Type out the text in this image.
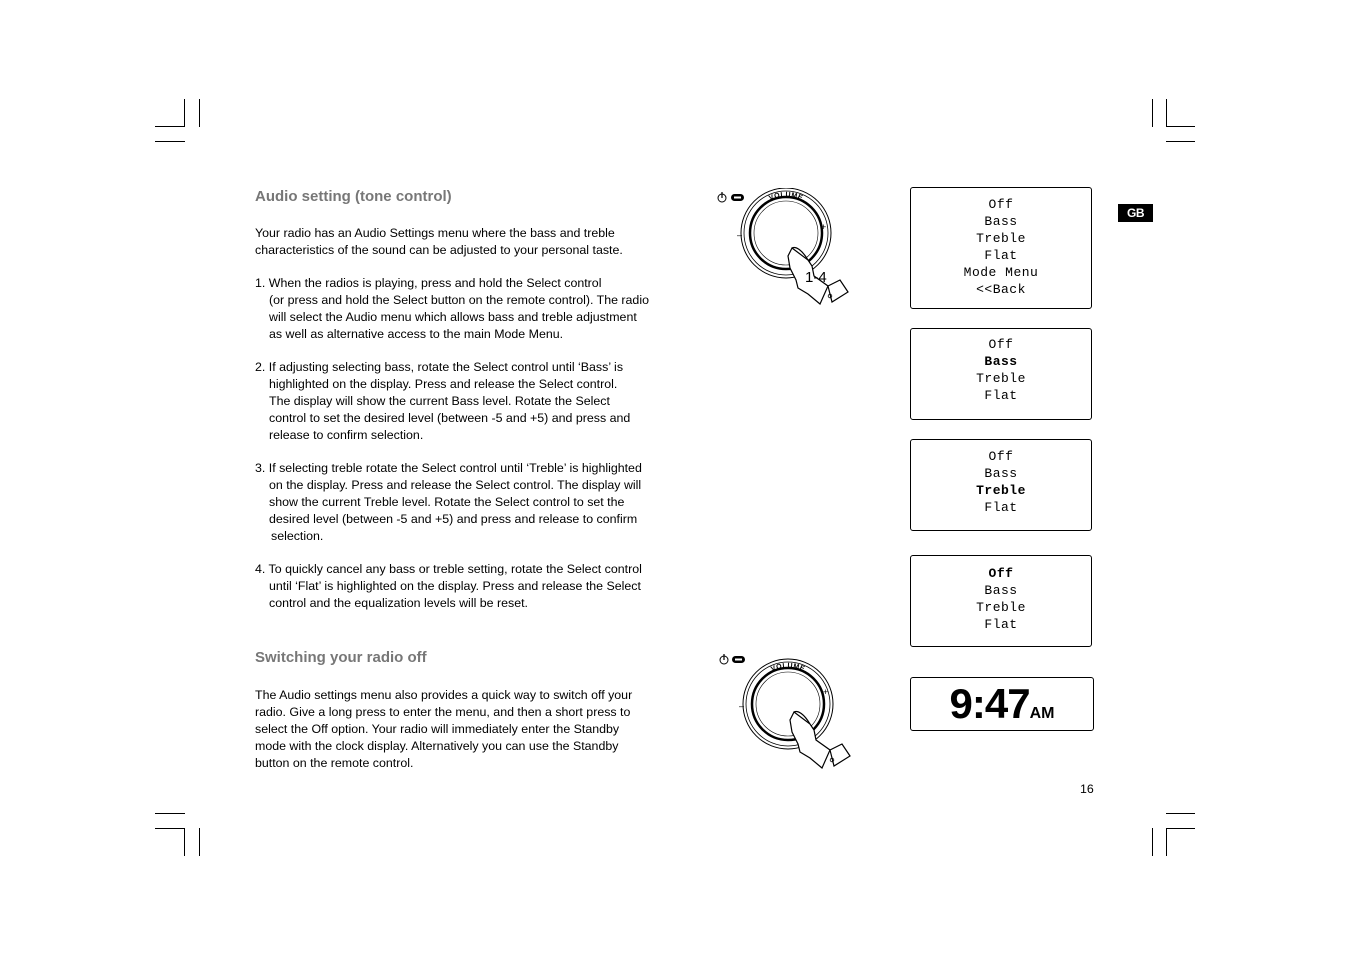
Audio setting (tone control)

Your radio has an Audio Settings menu where the bass and treble
characteristics of the sound can be adjusted to your personal taste.

1. When the radios is playing, press and hold the Select control
(or press and hold the Select button on the remote control). The radio
will select the Audio menu which allows bass and treble adjustment
as well as alternative access to the main Mode Menu.
2. If adjusting selecting bass, rotate the Select control until ‘Bass’ is
highlighted on the display. Press and release the Select control.
The display will show the current Bass level. Rotate the Select
control to set the desired level (between -5 and +5) and press and
release to confirm selection.
3. If selecting treble rotate the Select control until ‘Treble’ is highlighted
on the display. Press and release the Select control. The display will
show the current Treble level. Rotate the Select control to set the
desired level (between -5 and +5) and press and release to confirm
selection.
4. To quickly cancel any bass or treble setting, rotate the Select control
until ‘Flat’ is highlighted on the display. Press and release the Select
control and the equalization levels will be reset.
Switching your radio off

The Audio settings menu also provides a quick way to switch off your
radio. Give a long press to enter the menu, and then a short press to
select the Off option. Your radio will immediately enter the Standby
mode with the clock display. Alternatively you can use the Standby
button on the remote control.

VOLUME
–
+
1-4
VOLUME
–
+
Off
Bass
Treble
Flat
Mode Menu
<<Back
Off
Bass
Treble
Flat
Off
Bass
Treble
Flat
Off
Bass
Treble
Flat
9:47AM
GB
16
